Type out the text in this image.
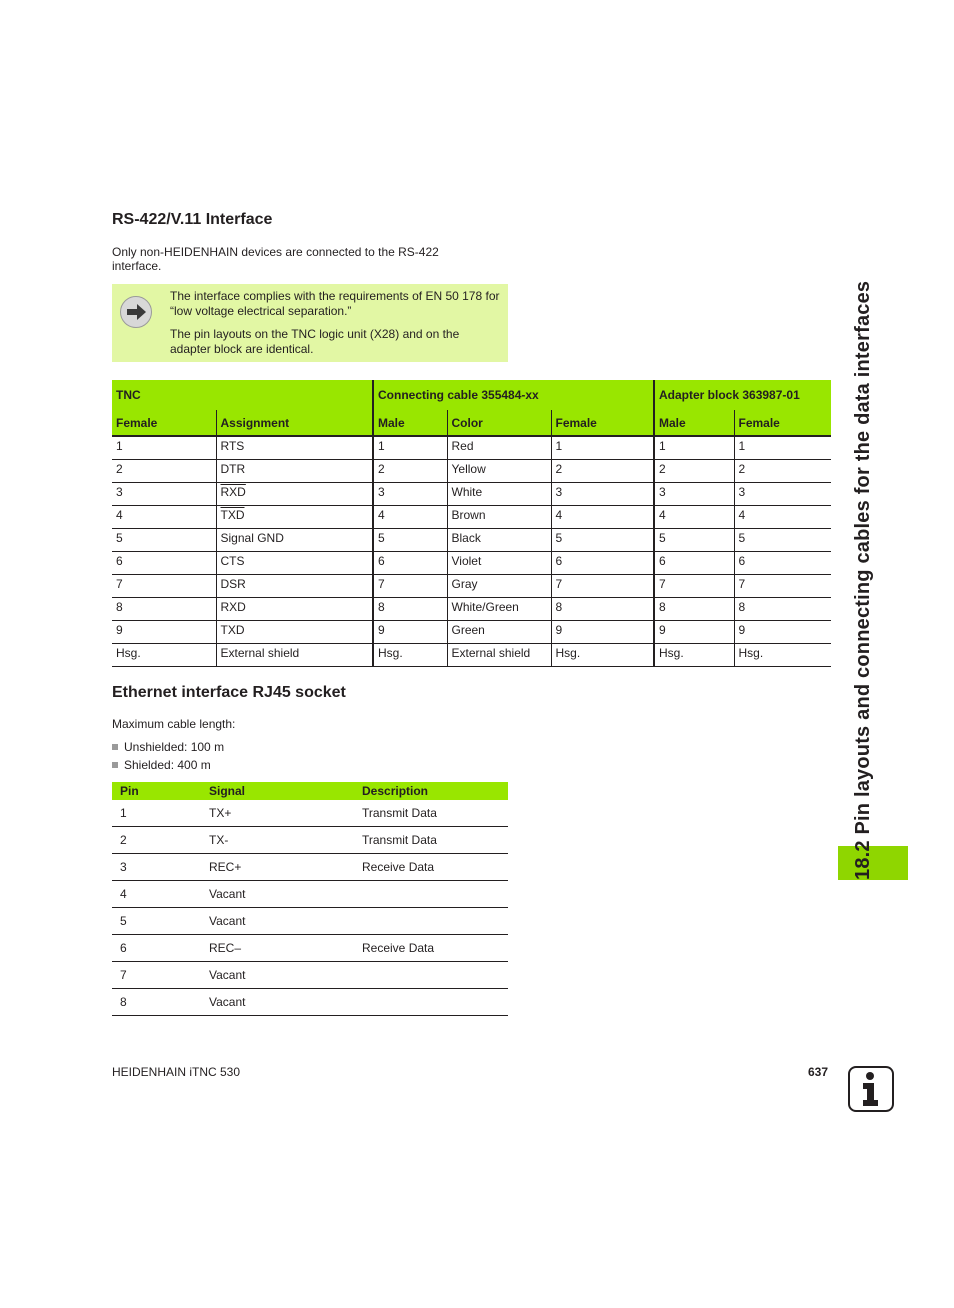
18.2 Pin layouts and connecting cables for the data interfaces
RS-422/V.11 Interface
Only non-HEIDENHAIN devices are connected to the RS-422 interface.

The interface complies with the requirements of EN 50 178 for “low voltage electrical separation.”

The pin layouts on the TNC logic unit (X28) and on the adapter block are identical.

TNC		Connecting cable 355484-xx			Adapter block 363987-01	
Female	Assignment	Male	Color	Female	Male	Female
1	RTS	1	Red	1	1	1
2	DTR	2	Yellow	2	2	2
3	$\overline{RXD}$	3	White	3	3	3
4	$\overline{TXD}$	4	Brown	4	4	4
5	Signal GND	5	Black	5	5	5
6	CTS	6	Violet	6	6	6
7	DSR	7	Gray	7	7	7
8	RXD	8	White/Green	8	8	8
9	TXD	9	Green	9	9	9
Hsg.	External shield	Hsg.	External shield	Hsg.	Hsg.	Hsg.
Ethernet interface RJ45 socket
Maximum cable length:
Unshielded: 100 m
Shielded: 400 m
Pin	Signal	Description
1	TX+	Transmit Data
2	TX-	Transmit Data
3	REC+	Receive Data
4	Vacant	
5	Vacant	
6	REC–	Receive Data
7	Vacant	
8	Vacant	
HEIDENHAIN iTNC 530	637
